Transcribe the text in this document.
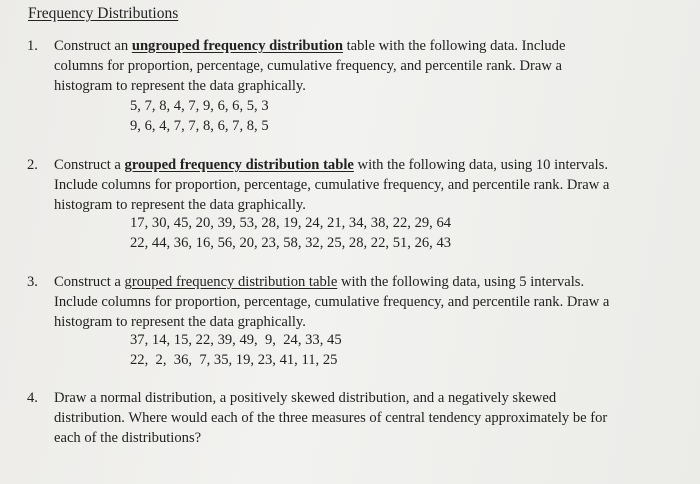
Frequency Distributions
1. Construct an ungrouped frequency distribution table with the following data. Include

columns for proportion, percentage, cumulative frequency, and percentile rank. Draw a

histogram to represent the data graphically.

5, 7, 8, 4, 7, 9, 6, 6, 5, 3
9, 6, 4, 7, 7, 8, 6, 7, 8, 5
2. Construct a grouped frequency distribution table with the following data, using 10 intervals.

Include columns for proportion, percentage, cumulative frequency, and percentile rank. Draw a

histogram to represent the data graphically.

17, 30, 45, 20, 39, 53, 28, 19, 24, 21, 34, 38, 22, 29, 64
22, 44, 36, 16, 56, 20, 23, 58, 32, 25, 28, 22, 51, 26, 43
3. Construct a grouped frequency distribution table with the following data, using 5 intervals.

Include columns for proportion, percentage, cumulative frequency, and percentile rank. Draw a

histogram to represent the data graphically.

37, 14, 15, 22, 39, 49,  9,  24, 33, 45
22,  2,  36,  7, 35, 19, 23, 41, 11, 25
4. Draw a normal distribution, a positively skewed distribution, and a negatively skewed

distribution. Where would each of the three measures of central tendency approximately be for

each of the distributions?
